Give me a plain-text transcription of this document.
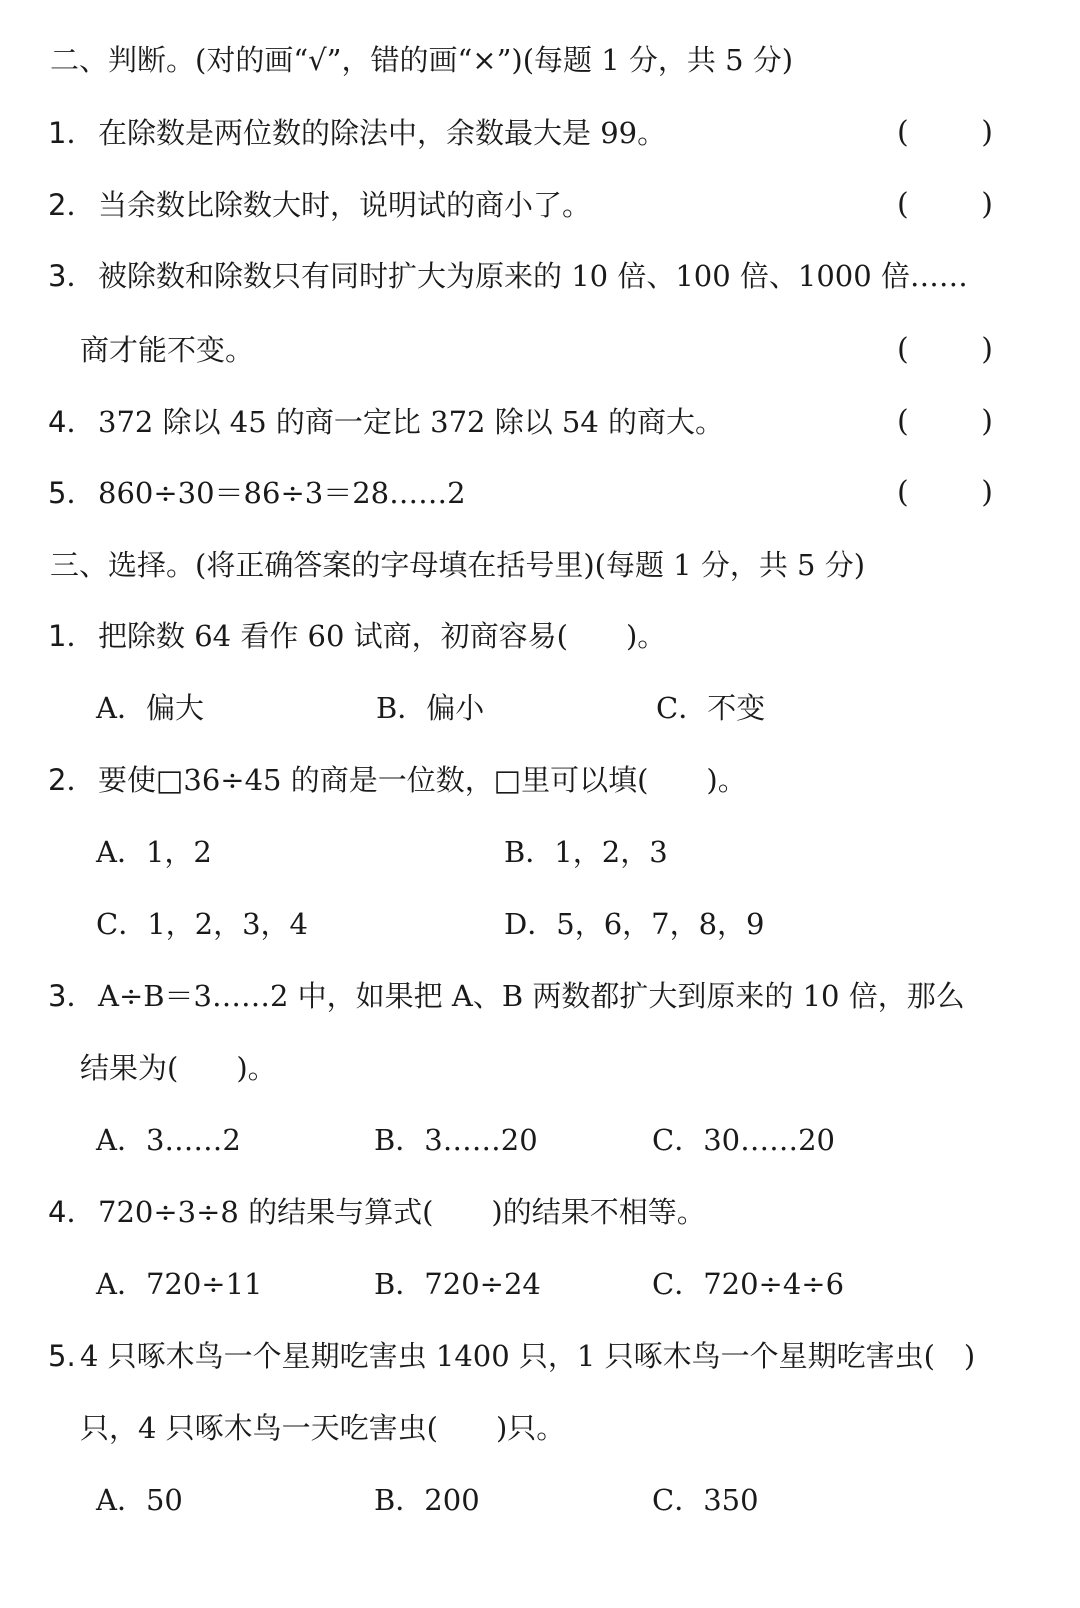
二、判断。(对的画“√”，错的画“×”)(每题 1 分，共 5 分)
1． 在除数是两位数的除法中，余数最大是 99。	( )
2． 当余数比除数大时，说明试的商小了。	( )
3． 被除数和除数只有同时扩大为原来的 10 倍、100 倍、1000 倍……
商才能不变。	( )
4． 372 除以 45 的商一定比 372 除以 54 的商大。	( )
5． 860÷30＝86÷3＝28……2	( )
三、选择。(将正确答案的字母填在括号里)(每题 1 分，共 5 分)
1． 把除数 64 看作 60 试商，初商容易(　　)。
A．偏大	B．偏小	C．不变
2． 要使□36÷45 的商是一位数，□里可以填(　　)。
A．1，2	B．1，2，3
C．1，2，3，4	D．5，6，7，8，9
3． A÷B＝3……2 中，如果把 A、B 两数都扩大到原来的 10 倍，那么
结果为(　　)。
A．3……2	B．3……20	C．30……20
4． 720÷3÷8 的结果与算式(　　)的结果不相等。
A．720÷11	B．720÷24	C．720÷4÷6
5. 4 只啄木鸟一个星期吃害虫 1400 只，1 只啄木鸟一个星期吃害虫(　)
只，4 只啄木鸟一天吃害虫(　　)只。
A．50	B．200	C．350
